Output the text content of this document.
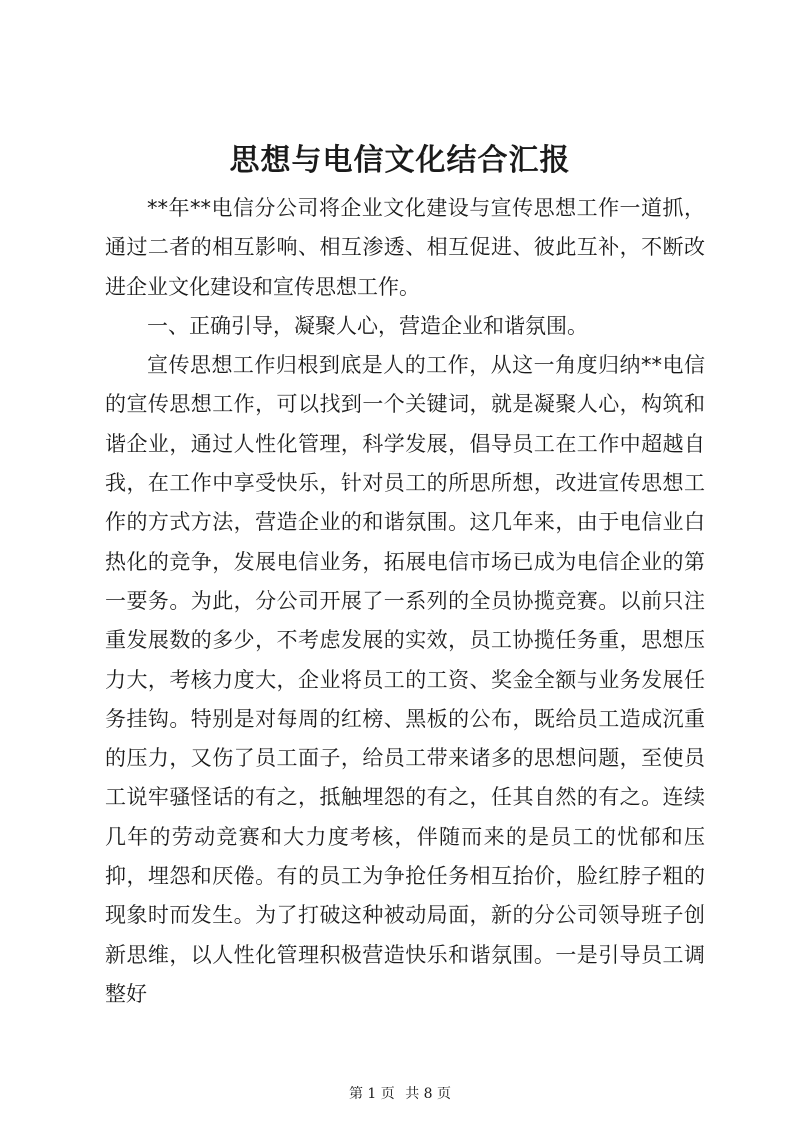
思想与电信文化结合汇报

**年**电信分公司将企业文化建设与宣传思想工作一道抓，通过二者的相互影响、相互渗透、相互促进、彼此互补，不断改进企业文化建设和宣传思想工作。

一、正确引导，凝聚人心，营造企业和谐氛围。

宣传思想工作归根到底是人的工作，从这一角度归纳**电信的宣传思想工作，可以找到一个关键词，就是凝聚人心，构筑和谐企业，通过人性化管理，科学发展，倡导员工在工作中超越自我，在工作中享受快乐，针对员工的所思所想，改进宣传思想工作的方式方法，营造企业的和谐氛围。这几年来，由于电信业白热化的竞争，发展电信业务，拓展电信市场已成为电信企业的第一要务。为此，分公司开展了一系列的全员协揽竞赛。以前只注重发展数的多少，不考虑发展的实效，员工协揽任务重，思想压力大，考核力度大，企业将员工的工资、奖金全额与业务发展任务挂钩。特别是对每周的红榜、黑板的公布，既给员工造成沉重的压力，又伤了员工面子，给员工带来诸多的思想问题，至使员工说牢骚怪话的有之，抵触埋怨的有之，任其自然的有之。连续几年的劳动竞赛和大力度考核，伴随而来的是员工的忧郁和压抑，埋怨和厌倦。有的员工为争抢任务相互抬价，脸红脖子粗的现象时而发生。为了打破这种被动局面，新的分公司领导班子创新思维，以人性化管理积极营造快乐和谐氛围。一是引导员工调整好

第 1 页 共 8 页
